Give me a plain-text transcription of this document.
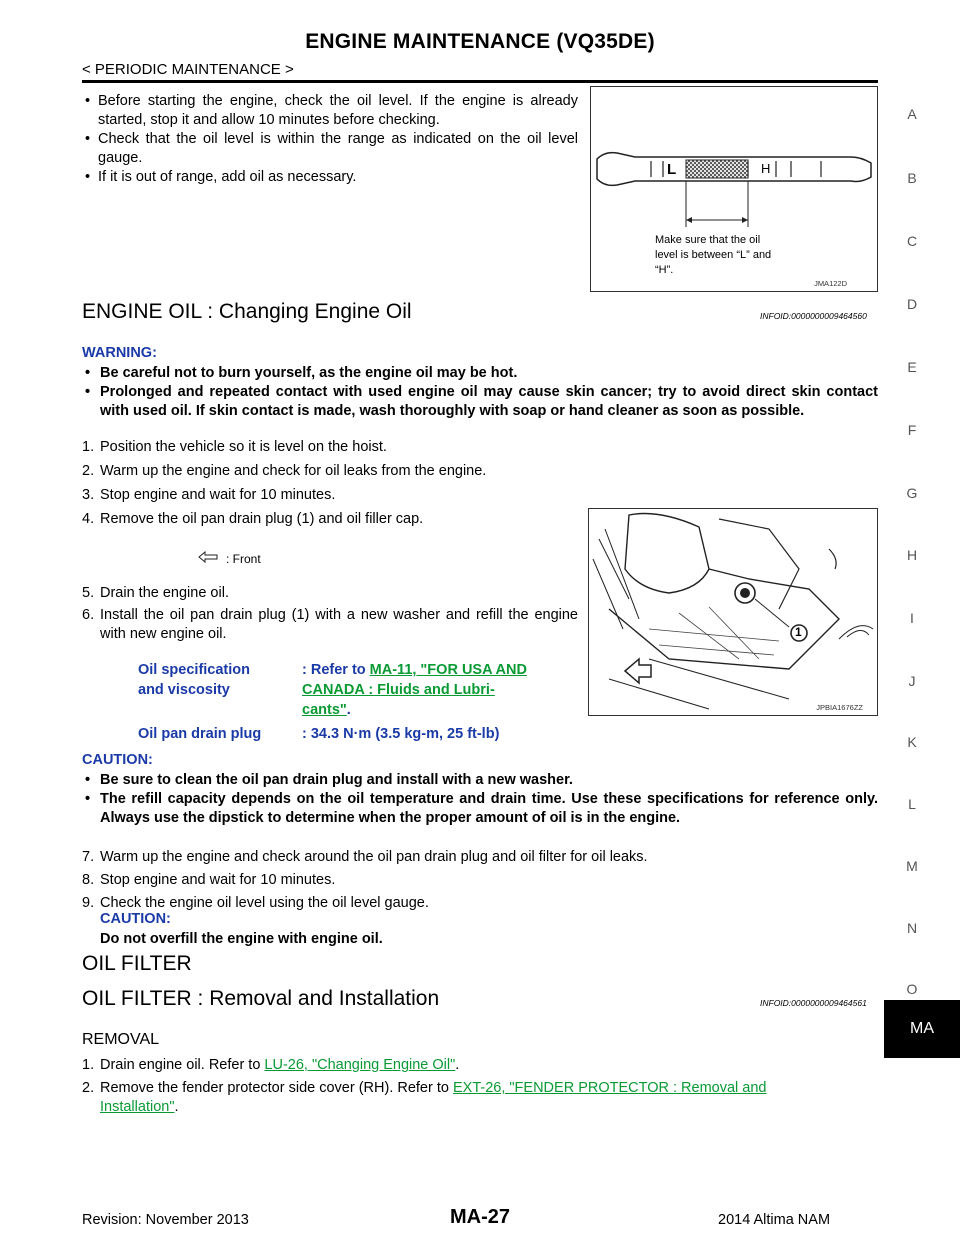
ENGINE MAINTENANCE (VQ35DE)
< PERIODIC MAINTENANCE >
• Before starting the engine, check the oil level. If the engine is already started, stop it and allow 10 minutes before checking.
• Check that the oil level is within the range as indicated on the oil level gauge.
• If it is out of range, add oil as necessary.	L	H
Make sure that the oil
level is between “L” and
“H”.
JMA122D
ENGINE OIL : Changing Engine Oil	INFOID:0000000009464560
WARNING:
• Be careful not to burn yourself, as the engine oil may be hot.
• Prolonged and repeated contact with used engine oil may cause skin cancer; try to avoid direct skin contact with used oil. If skin contact is made, wash thoroughly with soap or hand cleaner as soon as possible.
1. Position the vehicle so it is level on the hoist.
2. Warm up the engine and check for oil leaks from the engine.
3. Stop engine and wait for 10 minutes.
4. Remove the oil pan drain plug (1) and oil filler cap.
: Front
5. Drain the engine oil.
6. Install the oil pan drain plug (1) with a new washer and refill the engine with new engine oil.	1
JPBIA1676ZZ
Oil specification
and viscosity
: Refer to MA-11, "FOR USA AND
CANADA : Fluids and Lubri-
cants".
Oil pan drain plug	: 34.3 N·m (3.5 kg-m, 25 ft-lb)
CAUTION:
• Be sure to clean the oil pan drain plug and install with a new washer.
• The refill capacity depends on the oil temperature and drain time. Use these specifications for reference only. Always use the dipstick to determine when the proper amount of oil is in the engine.
7. Warm up the engine and check around the oil pan drain plug and oil filter for oil leaks.
8. Stop engine and wait for 10 minutes.
9. Check the engine oil level using the oil level gauge.
CAUTION:
Do not overfill the engine with engine oil.
OIL FILTER
OIL FILTER : Removal and Installation	INFOID:0000000009464561
REMOVAL
1. Drain engine oil. Refer to LU-26, "Changing Engine Oil".
2. Remove the fender protector side cover (RH). Refer to EXT-26, "FENDER PROTECTOR : Removal and
Installation".
A
B
C
D
E
F
G
H
I
J
K
L
M
N
O
MA
Revision: November 2013	MA-27	2014 Altima NAM
